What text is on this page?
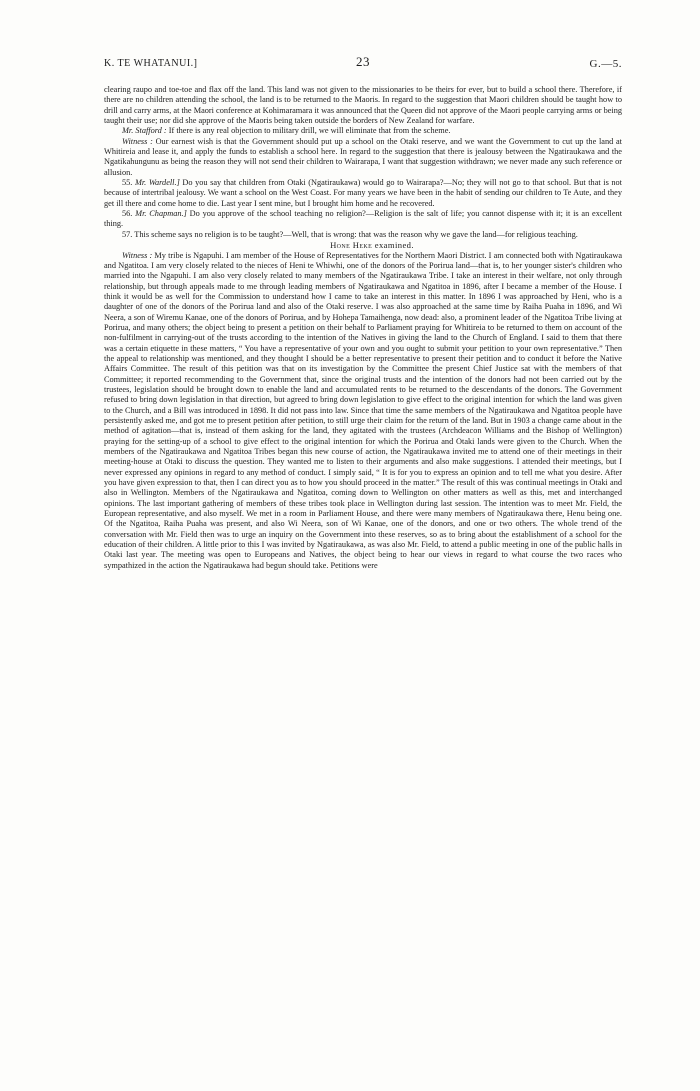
K. TE WHATANUI.]	23	G.—5.

clearing raupo and toe-toe and flax off the land. This land was not given to the missionaries to be theirs for ever, but to build a school there. Therefore, if there are no children attending the school, the land is to be returned to the Maoris. In regard to the suggestion that Maori children should be taught how to drill and carry arms, at the Maori conference at Kohimaramara it was announced that the Queen did not approve of the Maori people carrying arms or being taught their use; nor did she approve of the Maoris being taken outside the borders of New Zealand for warfare.

Mr. Stafford : If there is any real objection to military drill, we will eliminate that from the scheme.

Witness : Our earnest wish is that the Government should put up a school on the Otaki reserve, and we want the Government to cut up the land at Whitireia and lease it, and apply the funds to establish a school here. In regard to the suggestion that there is jealousy between the Ngatiraukawa and the Ngatikahungunu as being the reason they will not send their children to Wairarapa, I want that suggestion withdrawn; we never made any such reference or allusion.

55. Mr. Wardell.] Do you say that children from Otaki (Ngatiraukawa) would go to Wairarapa?—No; they will not go to that school. But that is not because of intertribal jealousy. We want a school on the West Coast. For many years we have been in the habit of sending our children to Te Aute, and they get ill there and come home to die. Last year I sent mine, but I brought him home and he recovered.

56. Mr. Chapman.] Do you approve of the school teaching no religion?—Religion is the salt of life; you cannot dispense with it; it is an excellent thing.

57. This scheme says no religion is to be taught?—Well, that is wrong: that was the reason why we gave the land—for religious teaching.

Hone Heke examined.

Witness : My tribe is Ngapuhi. I am member of the House of Representatives for the Northern Maori District. I am connected both with Ngatiraukawa and Ngatitoa. I am very closely related to the nieces of Heni te Whiwhi, one of the donors of the Porirua land—that is, to her younger sister's children who married into the Ngapuhi. I am also very closely related to many members of the Ngatiraukawa Tribe. I take an interest in their welfare, not only through relationship, but through appeals made to me through leading members of Ngatiraukawa and Ngatitoa in 1896, after I became a member of the House. I think it would be as well for the Commission to understand how I came to take an interest in this matter. In 1896 I was approached by Heni, who is a daughter of one of the donors of the Porirua land and also of the Otaki reserve. I was also approached at the same time by Raiha Puaha in 1896, and Wi Neera, a son of Wiremu Kanae, one of the donors of Porirua, and by Hohepa Tamaihenga, now dead: also, a prominent leader of the Ngatitoa Tribe living at Porirua, and many others; the object being to present a petition on their behalf to Parliament praying for Whitireia to be returned to them on account of the non-fulfilment in carrying-out of the trusts according to the intention of the Natives in giving the land to the Church of England. I said to them that there was a certain etiquette in these matters, “ You have a representative of your own and you ought to submit your petition to your own representative.” Then the appeal to relationship was mentioned, and they thought I should be a better representative to present their petition and to conduct it before the Native Affairs Committee. The result of this petition was that on its investigation by the Committee the present Chief Justice sat with the members of that Committee; it reported recommending to the Government that, since the original trusts and the intention of the donors had not been carried out by the trustees, legislation should be brought down to enable the land and accumulated rents to be returned to the descendants of the donors. The Government refused to bring down legislation in that direction, but agreed to bring down legislation to give effect to the original intention for which the land was given to the Church, and a Bill was introduced in 1898. It did not pass into law. Since that time the same members of the Ngatiraukawa and Ngatitoa people have persistently asked me, and got me to present petition after petition, to still urge their claim for the return of the land. But in 1903 a change came about in the method of agitation—that is, instead of them asking for the land, they agitated with the trustees (Archdeacon Williams and the Bishop of Wellington) praying for the setting-up of a school to give effect to the original intention for which the Porirua and Otaki lands were given to the Church. When the members of the Ngatiraukawa and Ngatitoa Tribes began this new course of action, the Ngatiraukawa invited me to attend one of their meetings in their meeting-house at Otaki to discuss the question. They wanted me to listen to their arguments and also make suggestions. I attended their meetings, but I never expressed any opinions in regard to any method of conduct. I simply said, “ It is for you to express an opinion and to tell me what you desire. After you have given expression to that, then I can direct you as to how you should proceed in the matter.” The result of this was continual meetings in Otaki and also in Wellington. Members of the Ngatiraukawa and Ngatitoa, coming down to Wellington on other matters as well as this, met and interchanged opinions. The last important gathering of members of these tribes took place in Wellington during last session. The intention was to meet Mr. Field, the European representative, and also myself. We met in a room in Parliament House, and there were many members of Ngatiraukawa there, Henu being one. Of the Ngatitoa, Raiha Puaha was present, and also Wi Neera, son of Wi Kanae, one of the donors, and one or two others. The whole trend of the conversation with Mr. Field then was to urge an inquiry on the Government into these reserves, so as to bring about the establishment of a school for the education of their children. A little prior to this I was invited by Ngatiraukawa, as was also Mr. Field, to attend a public meeting in one of the public halls in Otaki last year. The meeting was open to Europeans and Natives, the object being to hear our views in regard to what course the two races who sympathized in the action the Ngatiraukawa had begun should take. Petitions were
